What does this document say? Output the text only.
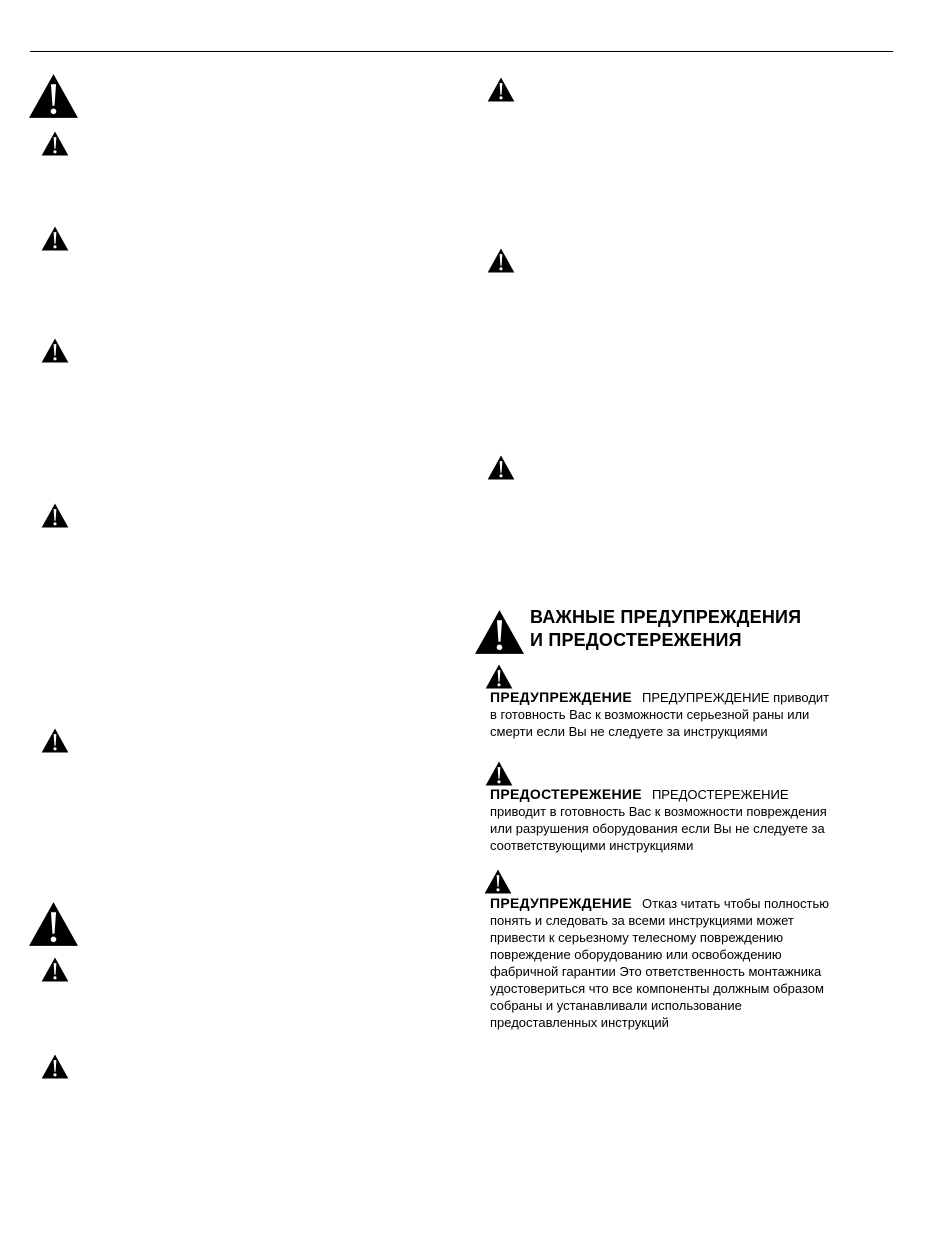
ВАЖНЫЕ ПРЕДУПРЕЖДЕНИЯ
И ПРЕДОСТЕРЕЖЕНИЯ
ПРЕДУПРЕЖДЕНИЕ ПРЕДУПРЕЖДЕНИЕ приводит
в готовность Вас к возможности серьезной раны или
смерти если Вы не следуете за инструкциями
ПРЕДОСТЕРЕЖЕНИЕ ПРЕДОСТЕРЕЖЕНИЕ
приводит в готовность Вас к возможности повреждения
или разрушения оборудования если Вы не следуете за
соответствующими инструкциями
ПРЕДУПРЕЖДЕНИЕ Отказ читать чтобы полностью
понять и следовать за всеми инструкциями может
привести к серьезному телесному повреждению
повреждение оборудованию или освобождению
фабричной гарантии Это ответственность монтажника
удостовериться что все компоненты должным образом
собраны и устанавливали использование
предоставленных инструкций
